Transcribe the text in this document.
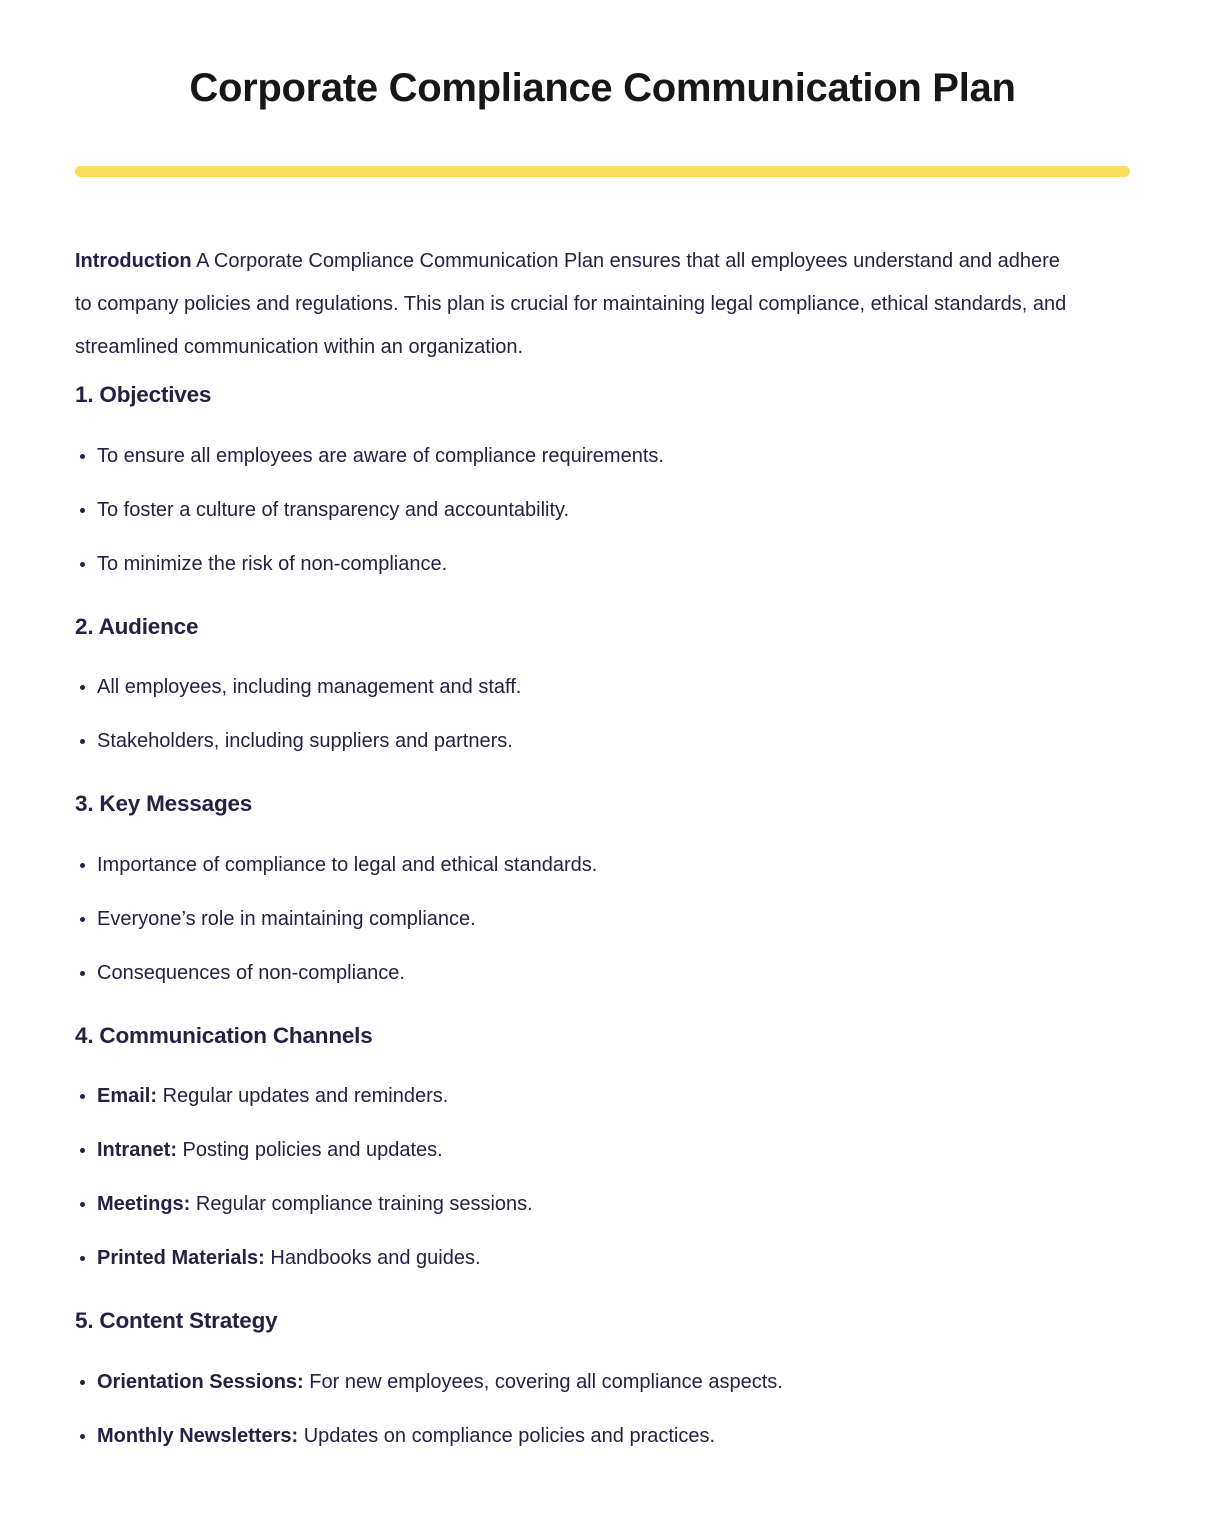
Corporate Compliance Communication Plan

Introduction A Corporate Compliance Communication Plan ensures that all employees understand and adhere to company policies and regulations. This plan is crucial for maintaining legal compliance, ethical standards, and streamlined communication within an organization.

1. Objectives
• To ensure all employees are aware of compliance requirements.
• To foster a culture of transparency and accountability.
• To minimize the risk of non-compliance.
2. Audience
• All employees, including management and staff.
• Stakeholders, including suppliers and partners.
3. Key Messages
• Importance of compliance to legal and ethical standards.
• Everyone’s role in maintaining compliance.
• Consequences of non-compliance.
4. Communication Channels
• Email: Regular updates and reminders.
• Intranet: Posting policies and updates.
• Meetings: Regular compliance training sessions.
• Printed Materials: Handbooks and guides.
5. Content Strategy
• Orientation Sessions: For new employees, covering all compliance aspects.
• Monthly Newsletters: Updates on compliance policies and practices.
